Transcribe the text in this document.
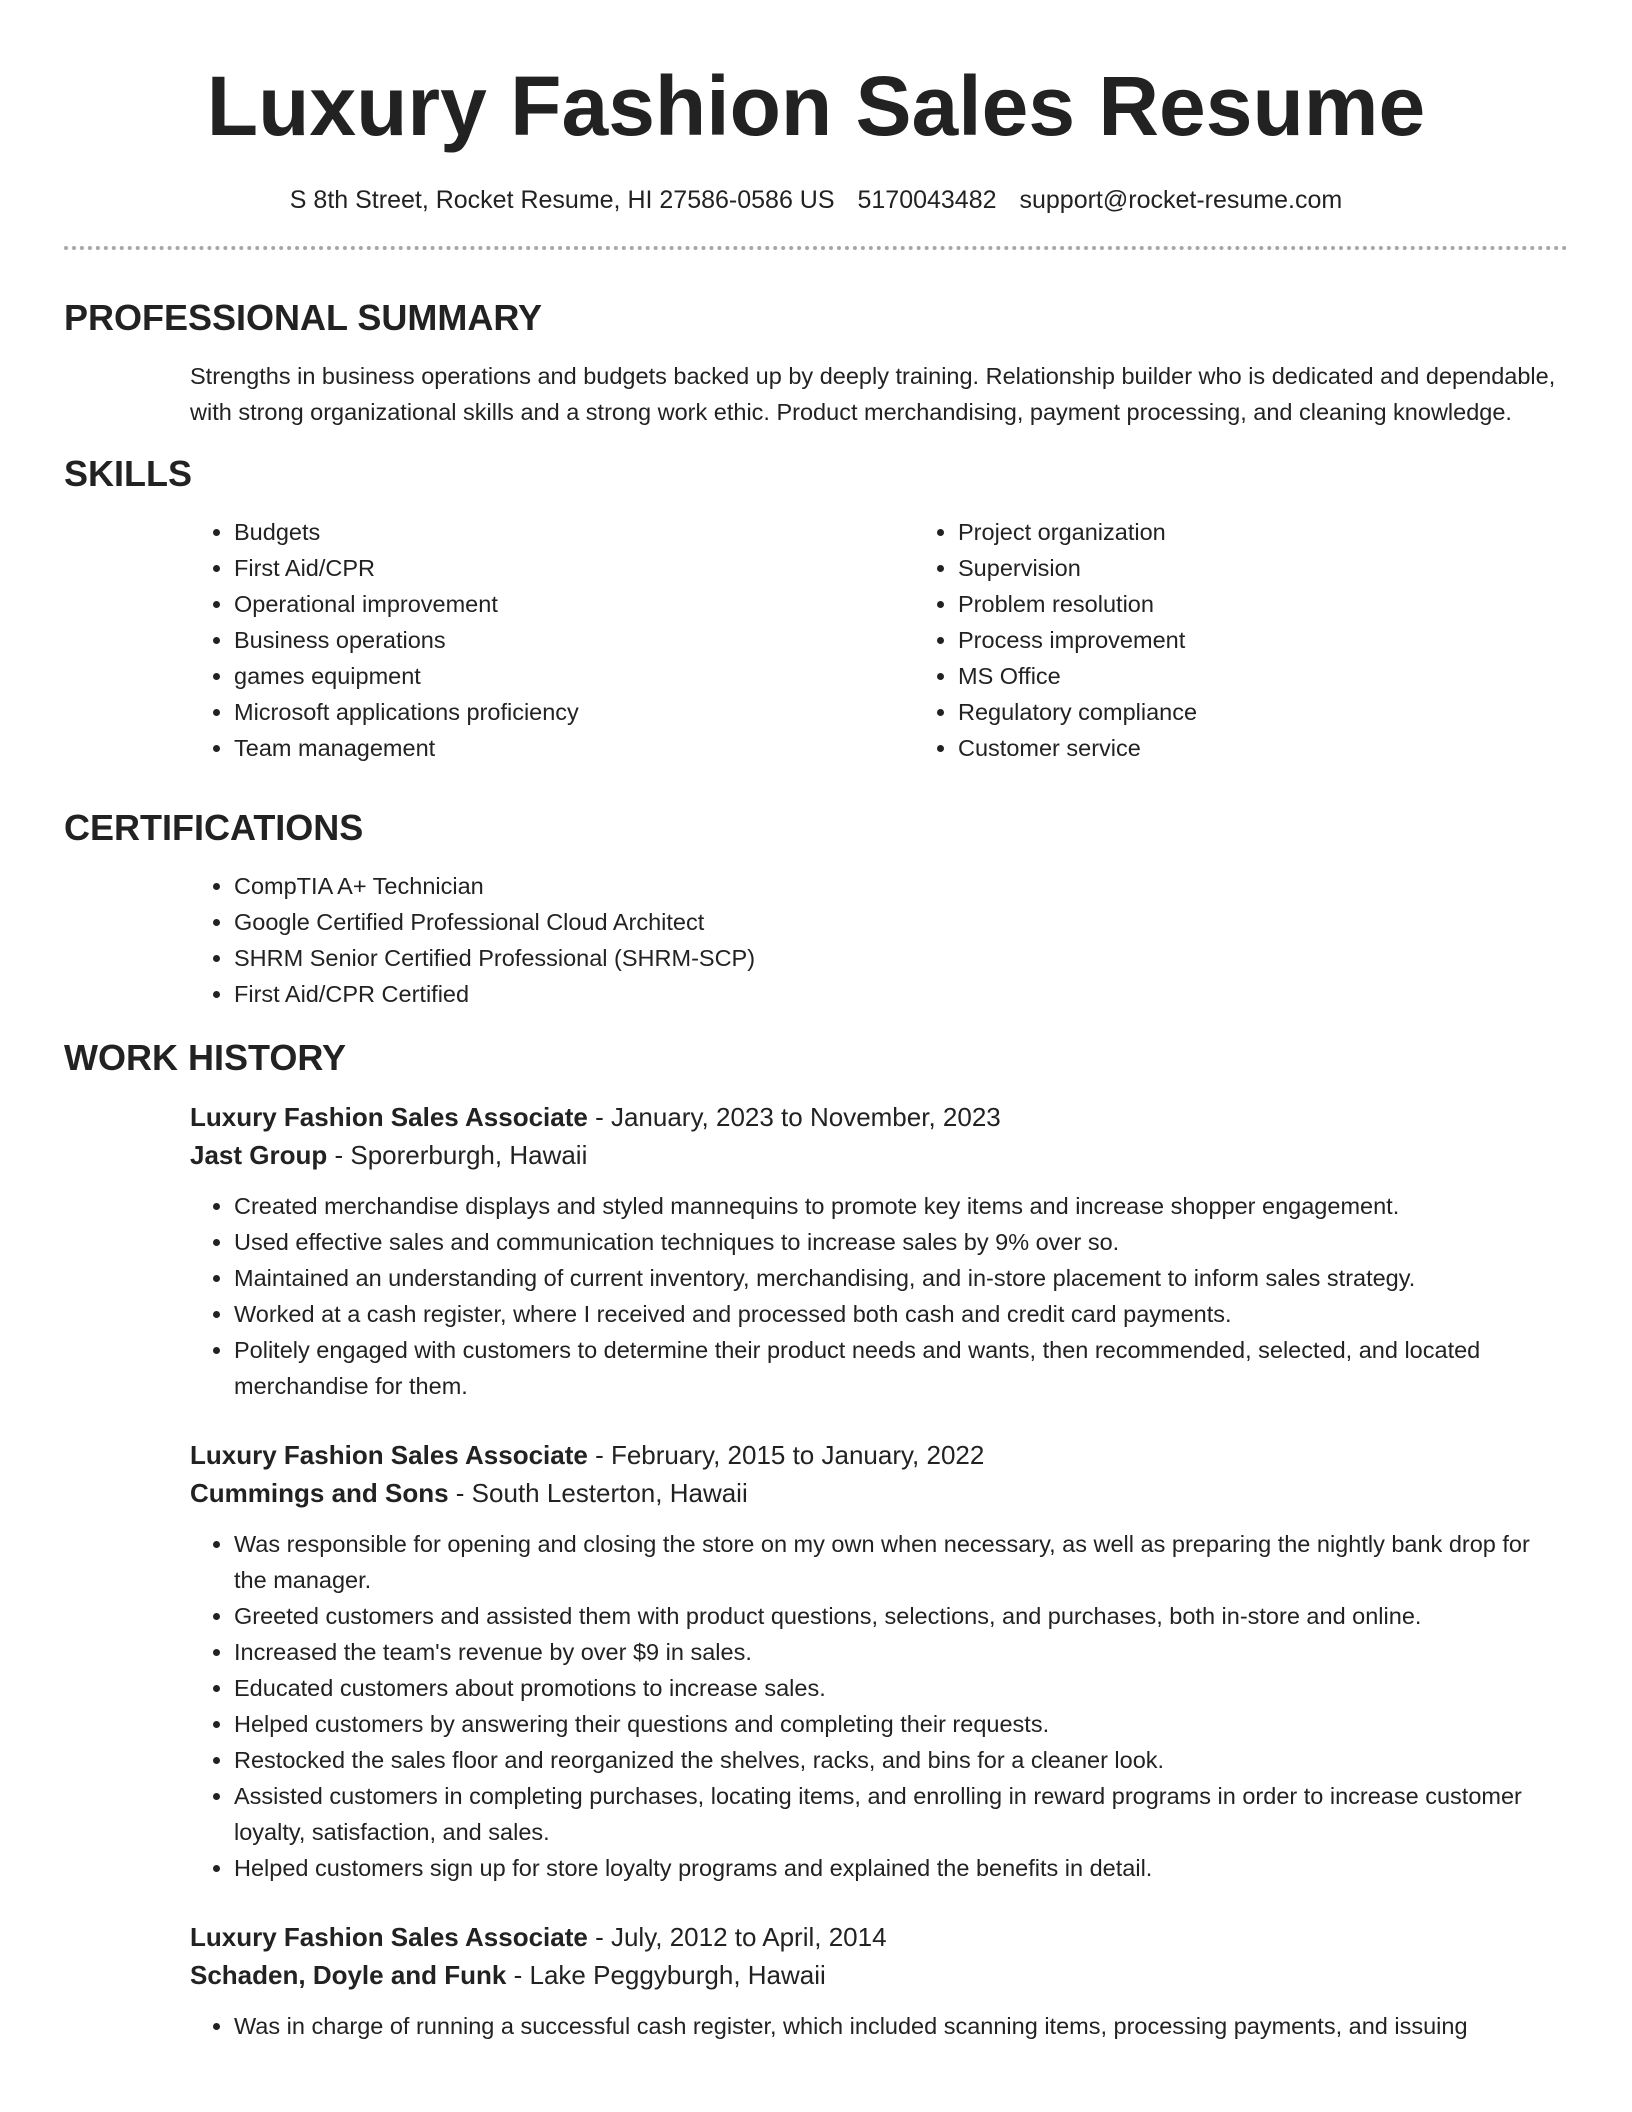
Luxury Fashion Sales Resume
S 8th Street, Rocket Resume, HI 27586-0586 US 5170043482 support@rocket-resume.com
PROFESSIONAL SUMMARY
Strengths in business operations and budgets backed up by deeply training. Relationship builder who is dedicated and dependable, with strong organizational skills and a strong work ethic. Product merchandising, payment processing, and cleaning knowledge.
SKILLS
• Budgets
• First Aid/CPR
• Operational improvement
• Business operations
• games equipment
• Microsoft applications proficiency
• Team management
• Project organization
• Supervision
• Problem resolution
• Process improvement
• MS Office
• Regulatory compliance
• Customer service
CERTIFICATIONS
• CompTIA A+ Technician
• Google Certified Professional Cloud Architect
• SHRM Senior Certified Professional (SHRM-SCP)
• First Aid/CPR Certified
WORK HISTORY
Luxury Fashion Sales Associate - January, 2023 to November, 2023
Jast Group - Sporerburgh, Hawaii
• Created merchandise displays and styled mannequins to promote key items and increase shopper engagement.
• Used effective sales and communication techniques to increase sales by 9% over so.
• Maintained an understanding of current inventory, merchandising, and in-store placement to inform sales strategy.
• Worked at a cash register, where I received and processed both cash and credit card payments.
• Politely engaged with customers to determine their product needs and wants, then recommended, selected, and located merchandise for them.
Luxury Fashion Sales Associate - February, 2015 to January, 2022
Cummings and Sons - South Lesterton, Hawaii
• Was responsible for opening and closing the store on my own when necessary, as well as preparing the nightly bank drop for the manager.
• Greeted customers and assisted them with product questions, selections, and purchases, both in-store and online.
• Increased the team's revenue by over $9 in sales.
• Educated customers about promotions to increase sales.
• Helped customers by answering their questions and completing their requests.
• Restocked the sales floor and reorganized the shelves, racks, and bins for a cleaner look.
• Assisted customers in completing purchases, locating items, and enrolling in reward programs in order to increase customer loyalty, satisfaction, and sales.
• Helped customers sign up for store loyalty programs and explained the benefits in detail.
Luxury Fashion Sales Associate - July, 2012 to April, 2014
Schaden, Doyle and Funk - Lake Peggyburgh, Hawaii
• Was in charge of running a successful cash register, which included scanning items, processing payments, and issuing
